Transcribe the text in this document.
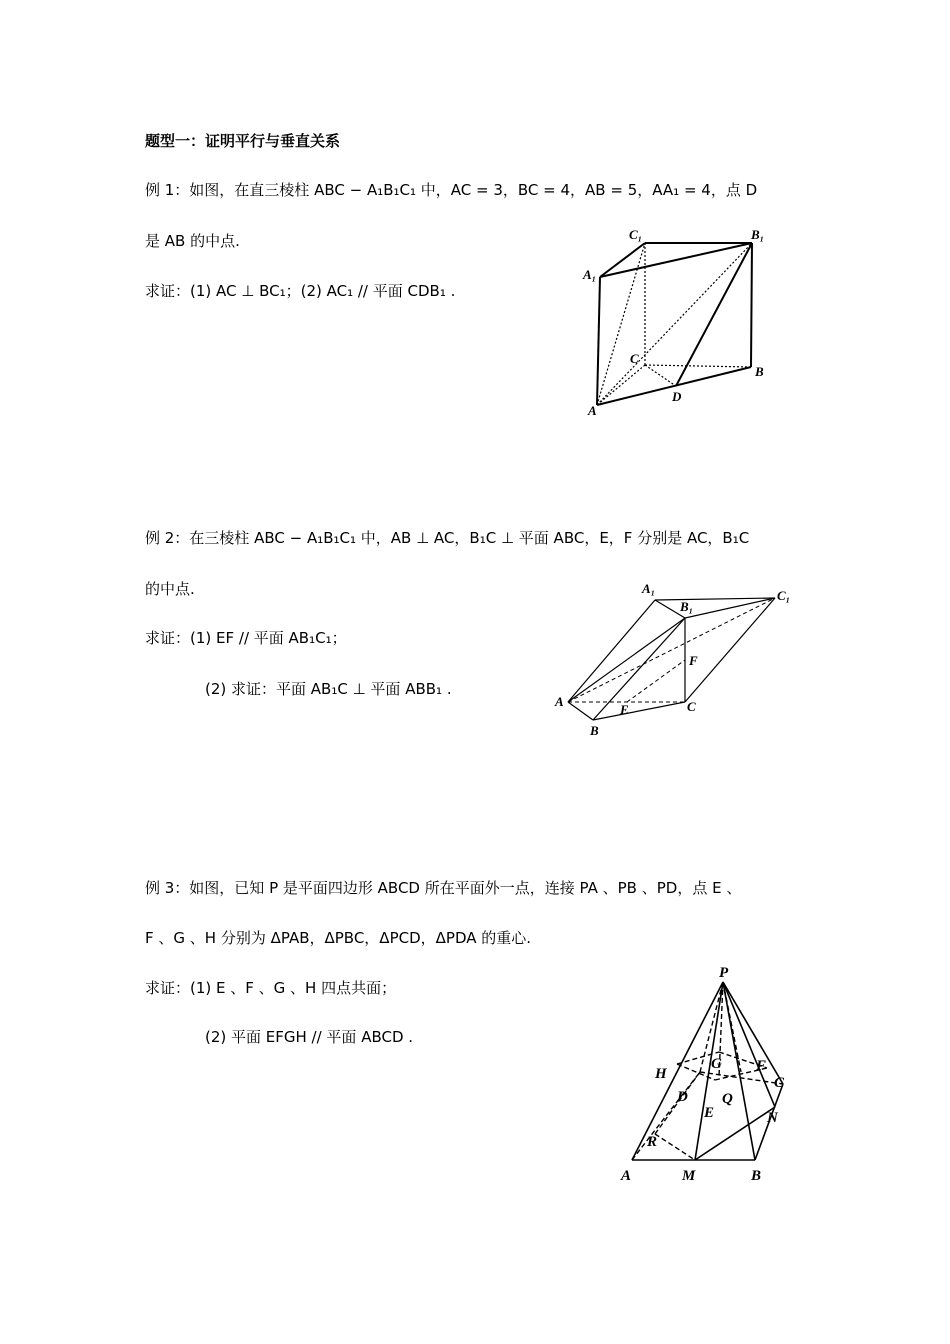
题型一：证明平行与垂直关系
例 1：如图，在直三棱柱 ABC − A₁B₁C₁ 中，AC = 3，BC = 4，AB = 5，AA₁ = 4，点 D
是 AB 的中点.
求证：(1) AC ⊥ BC₁；(2) AC₁ // 平面 CDB₁ .
C₁	B₁
A₁
C
B
D
A
例 2：在三棱柱 ABC − A₁B₁C₁ 中，AB ⊥ AC，B₁C ⊥ 平面 ABC，E，F 分别是 AC，B₁C
的中点.
求证：(1) EF // 平面 AB₁C₁；
(2) 求证：平面 AB₁C ⊥ 平面 ABB₁ .
A₁
B₁
C₁
F
A
E	C
B
例 3：如图，已知 P 是平面四边形 ABCD 所在平面外一点，连接 PA 、PB 、PD，点 E 、
F 、G 、H 分别为 ΔPAB，ΔPBC，ΔPCD，ΔPDA 的重心.
求证：(1) E 、F 、G 、H 四点共面；
(2) 平面 EFGH // 平面 ABCD .
P
H
G F
C
D Q
E	N
R
A	M	B
